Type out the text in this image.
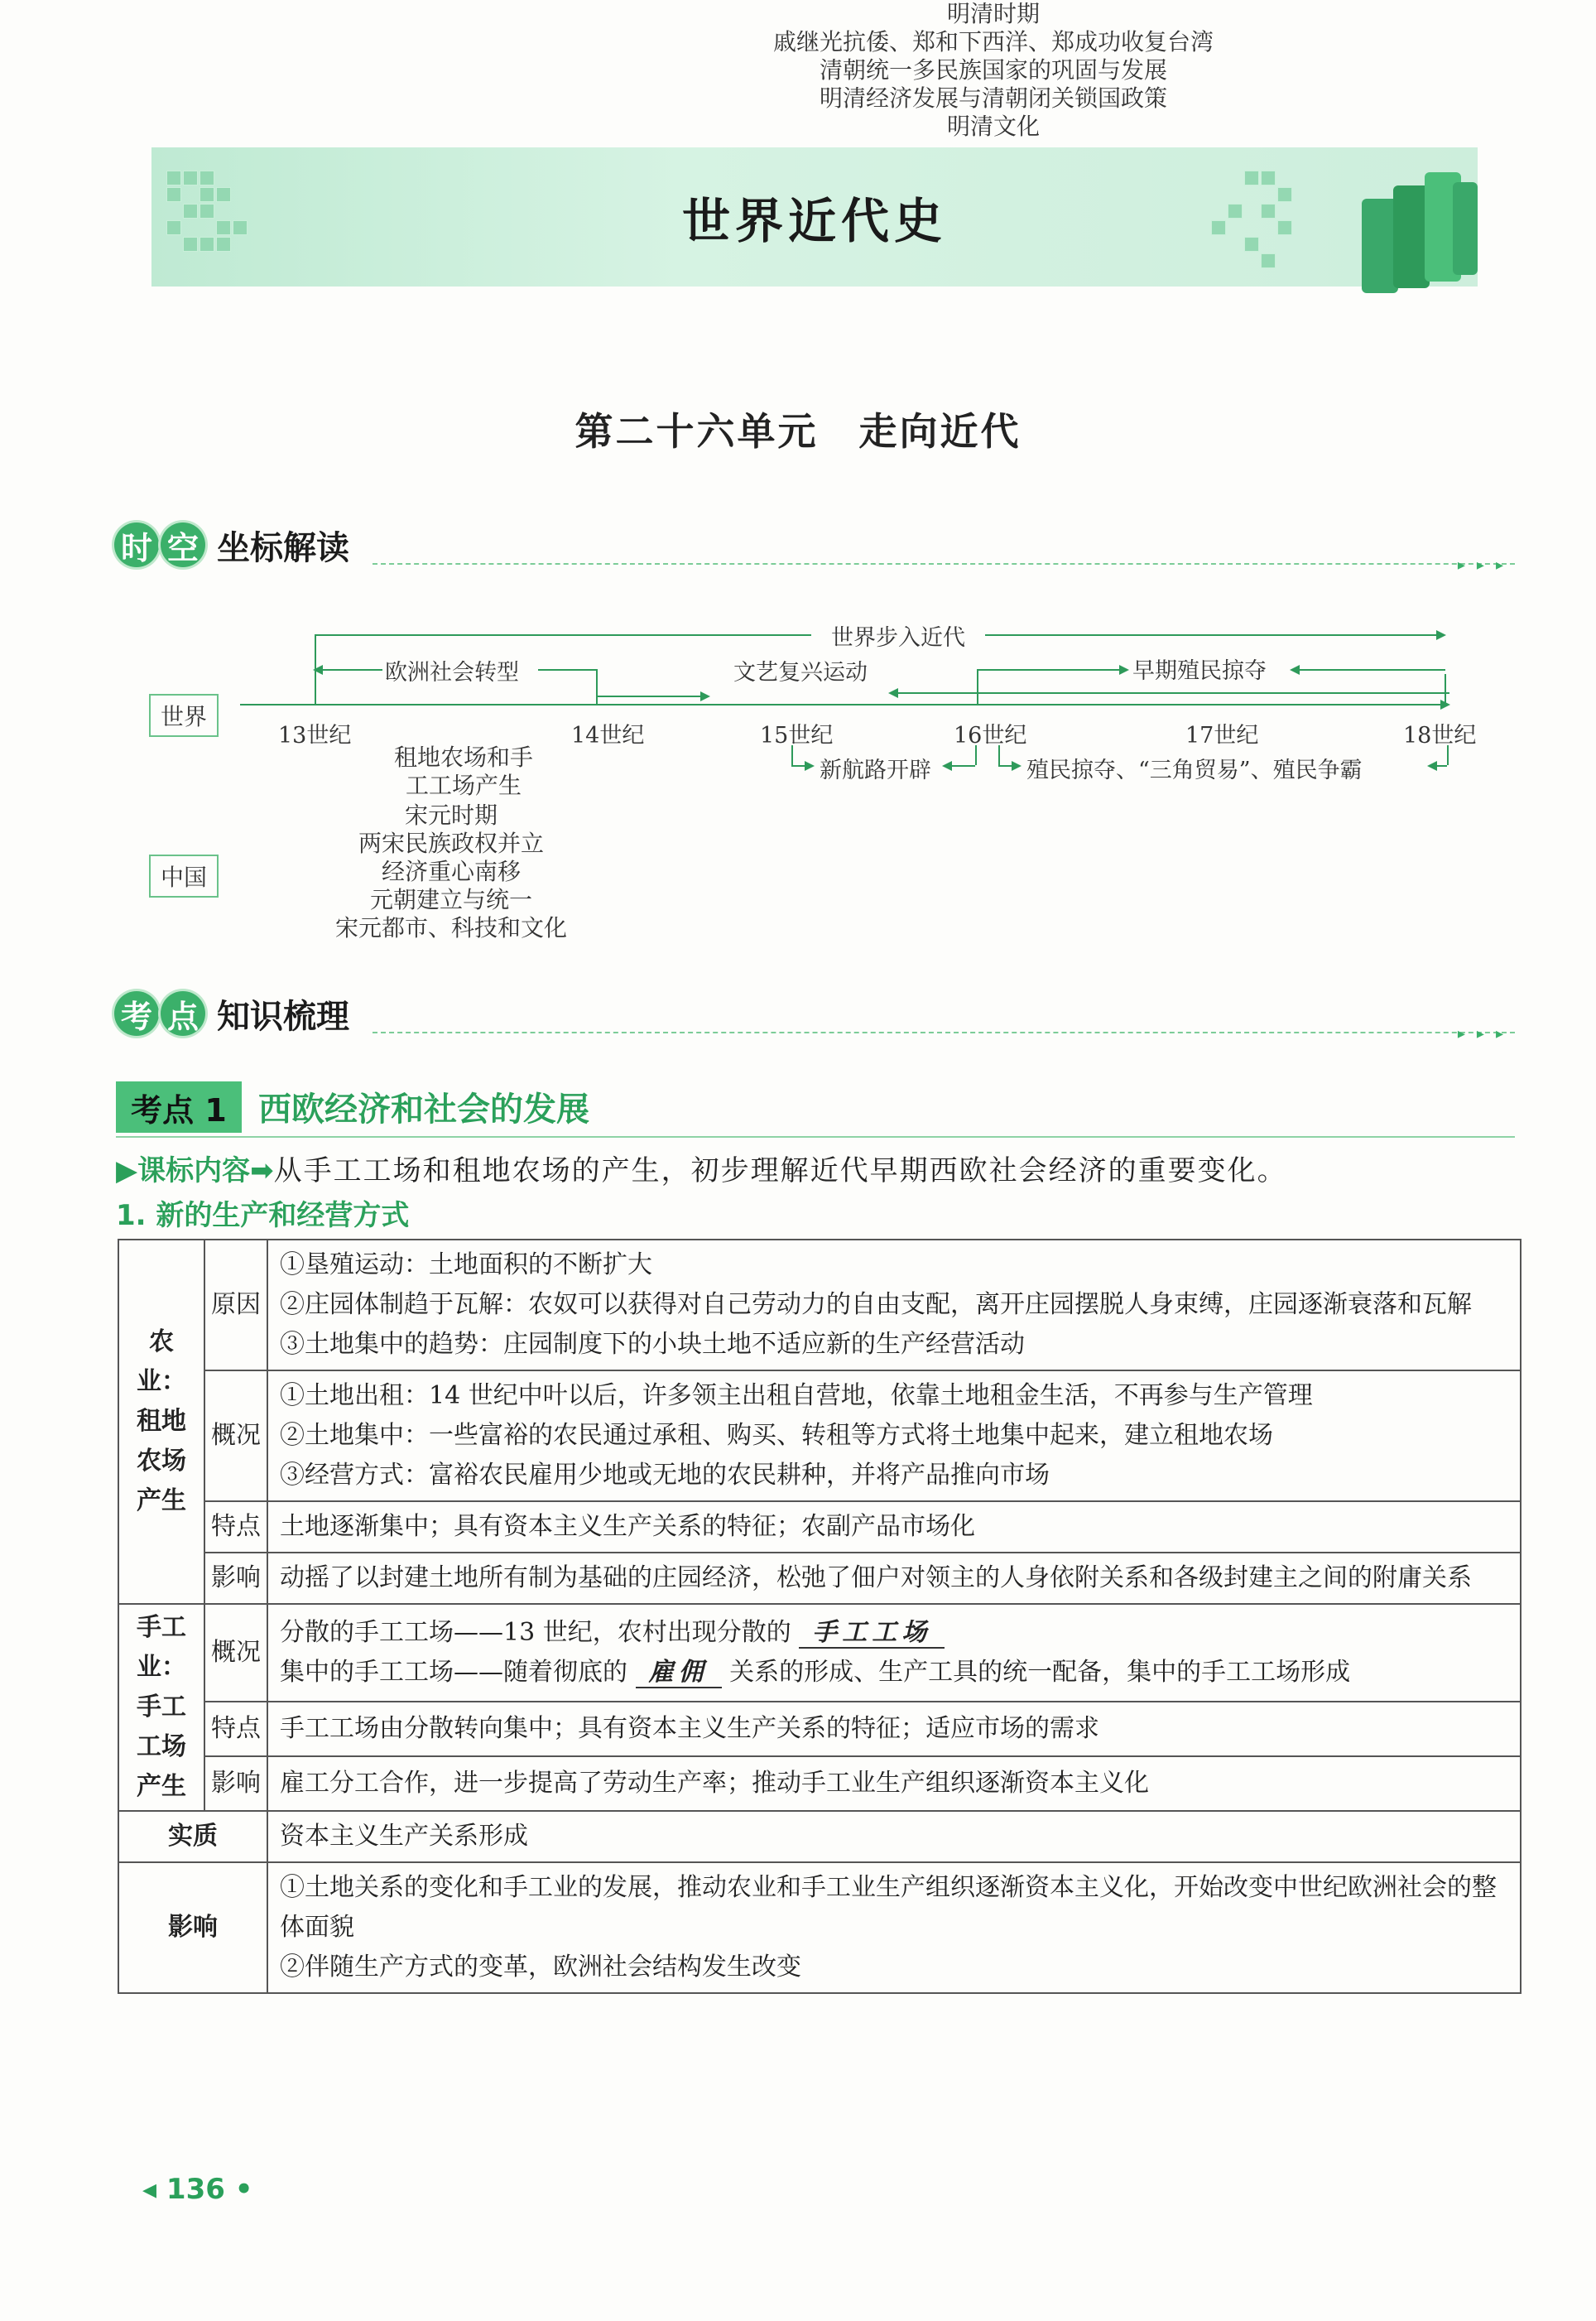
世界近代史
第二十六单元　走向近代
时 空 坐标解读	▸▸▸
世界
中国
世界步入近代
欧洲社会转型	文艺复兴运动	早期殖民掠夺
13世纪	14世纪	15世纪	16世纪	17世纪	18世纪
租地农场和手
工工场产生
新航路开辟	殖民掠夺、“三角贸易”、殖民争霸
宋元时期
两宋民族政权并立
经济重心南移
元朝建立与统一
宋元都市、科技和文化
明清时期
戚继光抗倭、郑和下西洋、郑成功收复台湾
清朝统一多民族国家的巩固与发展
明清经济发展与清朝闭关锁国政策
明清文化
考 点 知识梳理	▸▸▸
考点 1 西欧经济和社会的发展
▶课标内容➡从手工工场和租地农场的产生，初步理解近代早期西欧社会经济的重要变化。
1. 新的生产和经营方式
农业：租地农场产生	原因	①垦殖运动：土地面积的不断扩大
②庄园体制趋于瓦解：农奴可以获得对自己劳动力的自由支配，离开庄园摆脱人身束缚，庄园逐渐衰落和瓦解
③土地集中的趋势：庄园制度下的小块土地不适应新的生产经营活动

	概况	①土地出租：14 世纪中叶以后，许多领主出租自营地，依靠土地租金生活，不再参与生产管理
②土地集中：一些富裕的农民通过承租、购买、转租等方式将土地集中起来，建立租地农场
③经营方式：富裕农民雇用少地或无地的农民耕种，并将产品推向市场

	特点	土地逐渐集中；具有资本主义生产关系的特征；农副产品市场化

	影响	动摇了以封建土地所有制为基础的庄园经济，松弛了佃户对领主的人身依附关系和各级封建主之间的附庸关系

手工业：手工工场产生	概况	分散的手工工场——13 世纪，农村出现分散的 手工工场
集中的手工工场——随着彻底的 雇佣 关系的形成、生产工具的统一配备，集中的手工工场形成

	特点	手工工场由分散转向集中；具有资本主义生产关系的特征；适应市场的需求
	影响	雇工分工合作，进一步提高了劳动生产率；推动手工业生产组织逐渐资本主义化
实质		资本主义生产关系形成
影响		①土地关系的变化和手工业的发展，推动农业和手工业生产组织逐渐资本主义化，开始改变中世纪欧洲社会的整体面貌
②伴随生产方式的变革，欧洲社会结构发生改变
◂ 136 •
